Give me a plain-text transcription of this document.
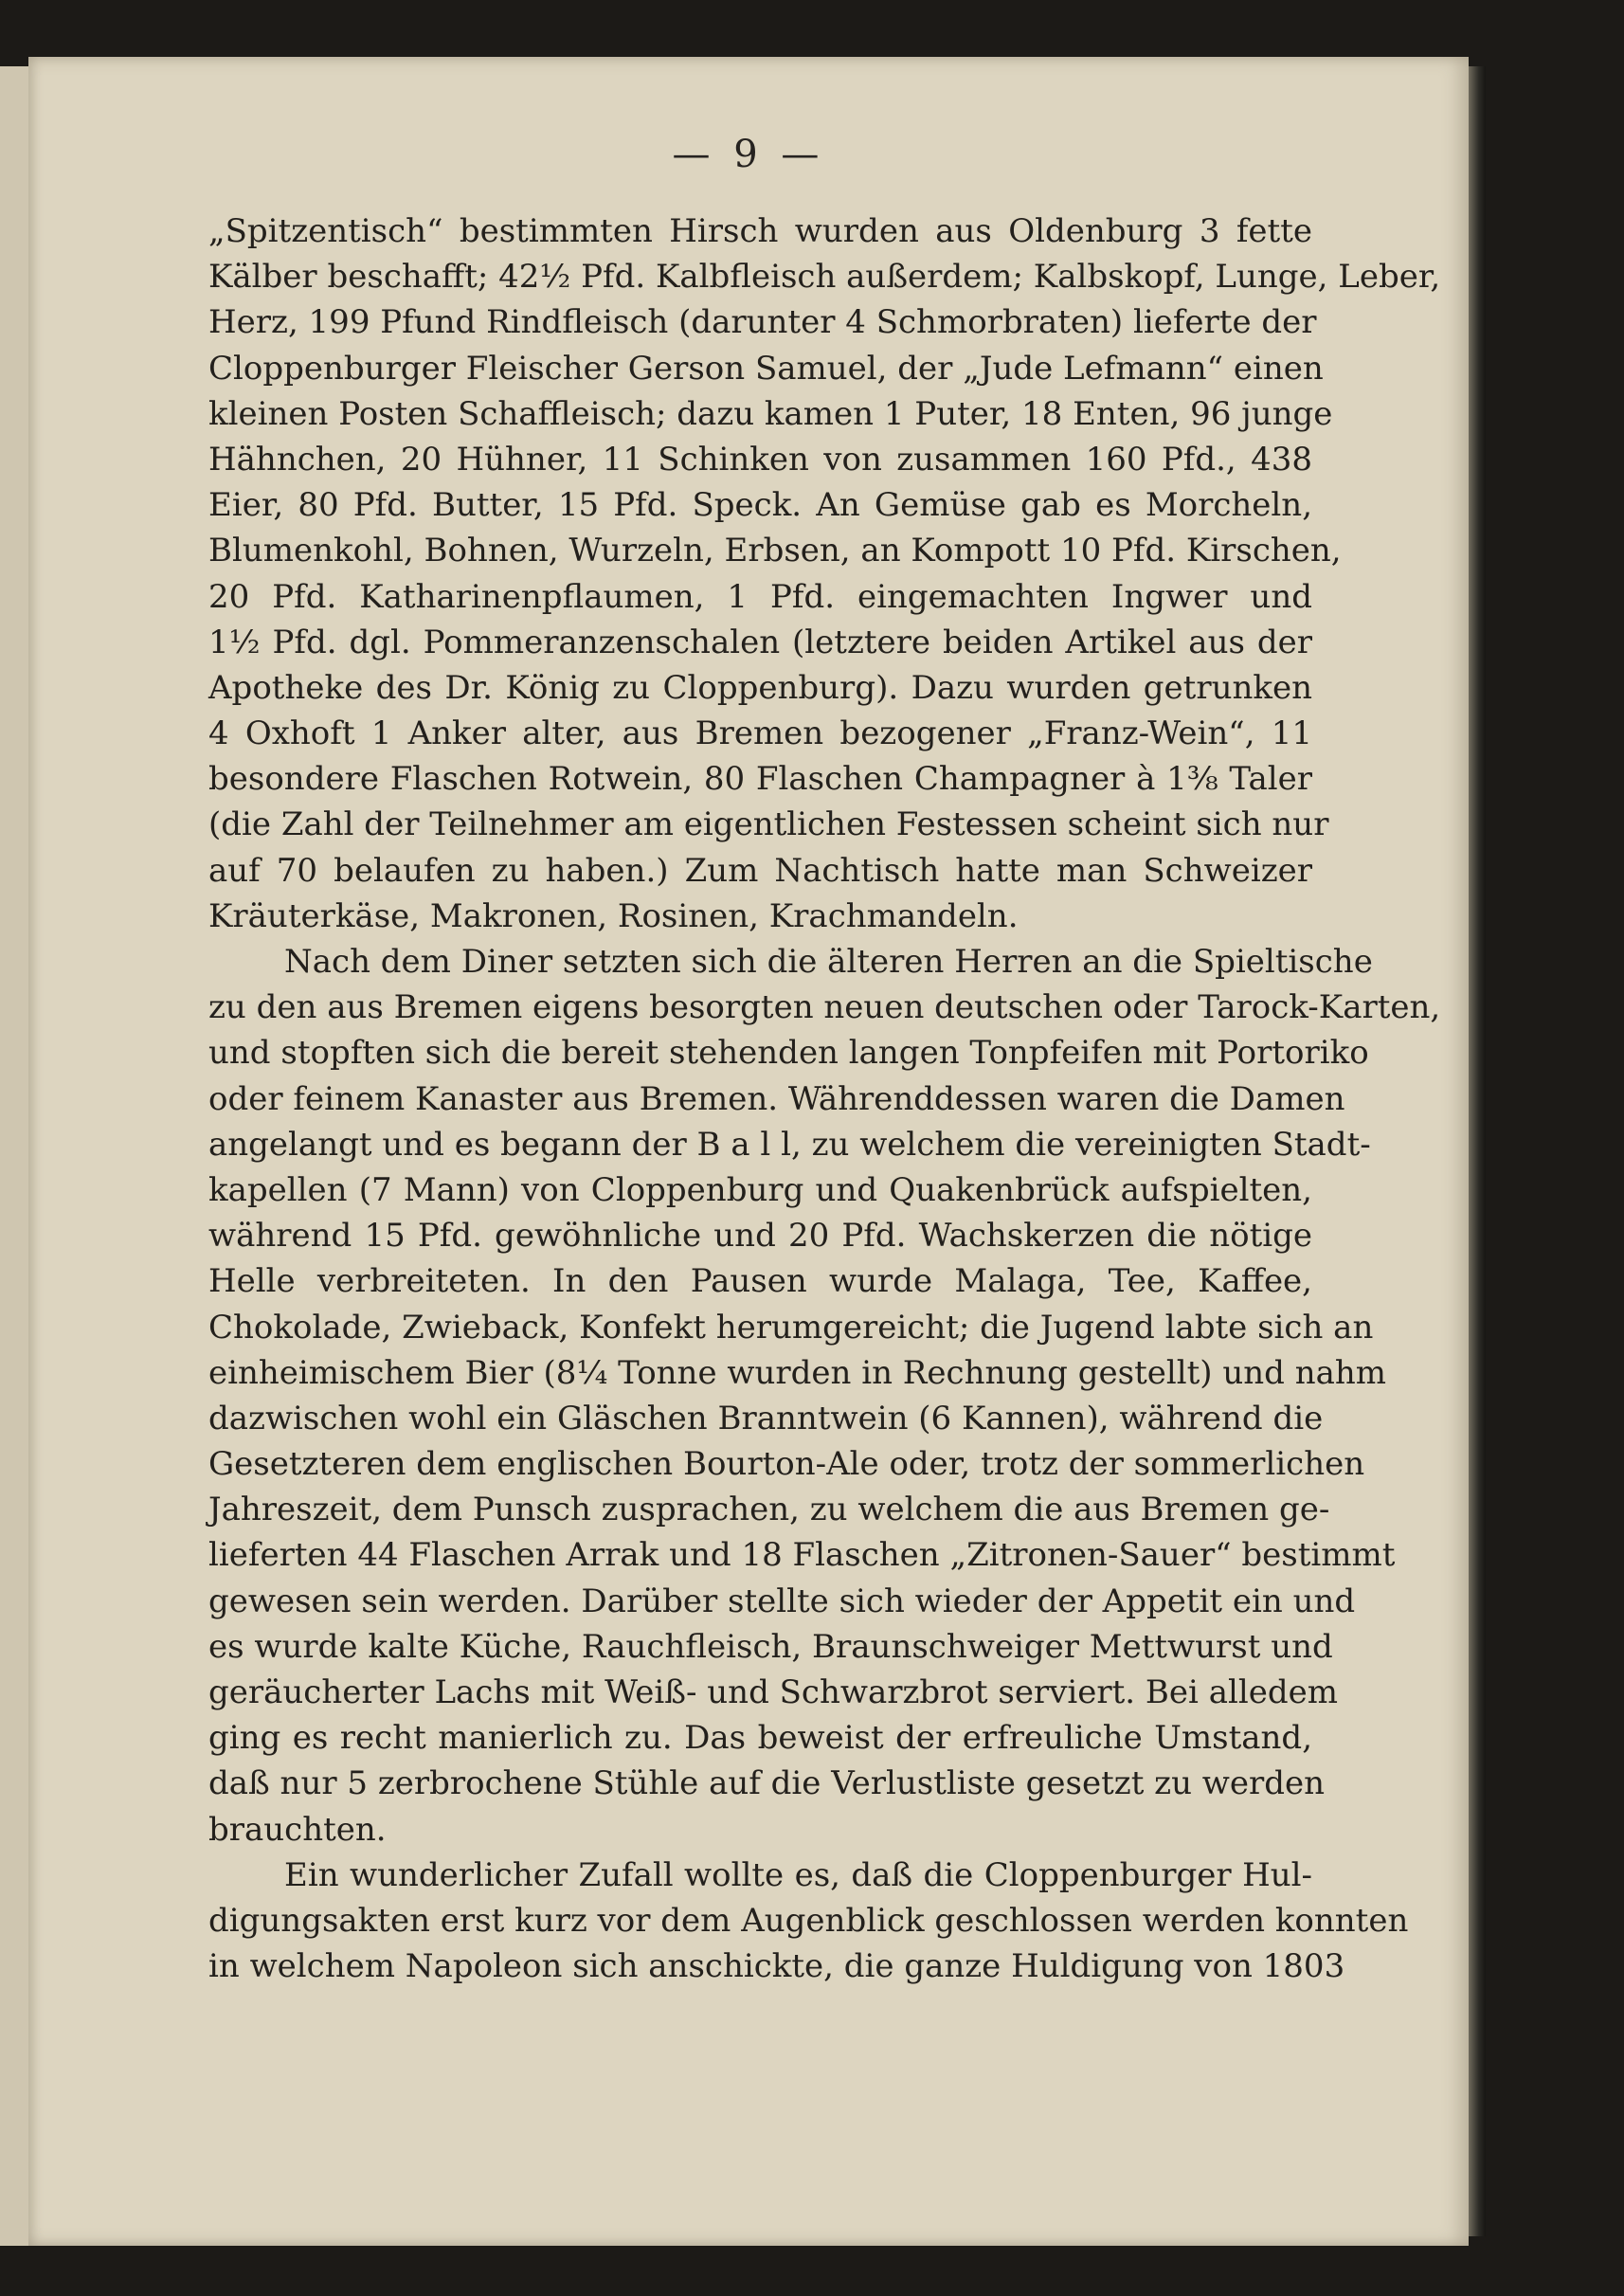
— 9 —
„Spitzentisch“ bestimmten Hirsch wurden aus Oldenburg 3 fette
Kälber beschafft; 42½ Pfd. Kalbfleisch außerdem; Kalbskopf, Lunge, Leber,
Herz, 199 Pfund Rindfleisch (darunter 4 Schmorbraten) lieferte der
Cloppenburger Fleischer Gerson Samuel, der „Jude Lefmann“ einen
kleinen Posten Schaffleisch; dazu kamen 1 Puter, 18 Enten, 96 junge
Hähnchen, 20 Hühner, 11 Schinken von zusammen 160 Pfd., 438
Eier, 80 Pfd. Butter, 15 Pfd. Speck. An Gemüse gab es Morcheln,
Blumenkohl, Bohnen, Wurzeln, Erbsen, an Kompott 10 Pfd. Kirschen,
20 Pfd. Katharinenpflaumen, 1 Pfd. eingemachten Ingwer und
1½ Pfd. dgl. Pommeranzenschalen (letztere beiden Artikel aus der
Apotheke des Dr. König zu Cloppenburg). Dazu wurden getrunken
4 Oxhoft 1 Anker alter, aus Bremen bezogener „Franz-Wein“, 11
besondere Flaschen Rotwein, 80 Flaschen Champagner à 1⅜ Taler
(die Zahl der Teilnehmer am eigentlichen Festessen scheint sich nur
auf 70 belaufen zu haben.) Zum Nachtisch hatte man Schweizer
Kräuterkäse, Makronen, Rosinen, Krachmandeln.
Nach dem Diner setzten sich die älteren Herren an die Spieltische
zu den aus Bremen eigens besorgten neuen deutschen oder Tarock-Karten,
und stopften sich die bereit stehenden langen Tonpfeifen mit Portoriko
oder feinem Kanaster aus Bremen. Währenddessen waren die Damen
angelangt und es begann der B a l l, zu welchem die vereinigten Stadt-
kapellen (7 Mann) von Cloppenburg und Quakenbrück aufspielten,
während 15 Pfd. gewöhnliche und 20 Pfd. Wachskerzen die nötige
Helle verbreiteten. In den Pausen wurde Malaga, Tee, Kaffee,
Chokolade, Zwieback, Konfekt herumgereicht; die Jugend labte sich an
einheimischem Bier (8¼ Tonne wurden in Rechnung gestellt) und nahm
dazwischen wohl ein Gläschen Branntwein (6 Kannen), während die
Gesetzteren dem englischen Bourton-Ale oder, trotz der sommerlichen
Jahreszeit, dem Punsch zusprachen, zu welchem die aus Bremen ge-
lieferten 44 Flaschen Arrak und 18 Flaschen „Zitronen-Sauer“ bestimmt
gewesen sein werden. Darüber stellte sich wieder der Appetit ein und
es wurde kalte Küche, Rauchfleisch, Braunschweiger Mettwurst und
geräucherter Lachs mit Weiß- und Schwarzbrot serviert. Bei alledem
ging es recht manierlich zu. Das beweist der erfreuliche Umstand,
daß nur 5 zerbrochene Stühle auf die Verlustliste gesetzt zu werden
brauchten.
Ein wunderlicher Zufall wollte es, daß die Cloppenburger Hul-
digungsakten erst kurz vor dem Augenblick geschlossen werden konnten
in welchem Napoleon sich anschickte, die ganze Huldigung von 1803
